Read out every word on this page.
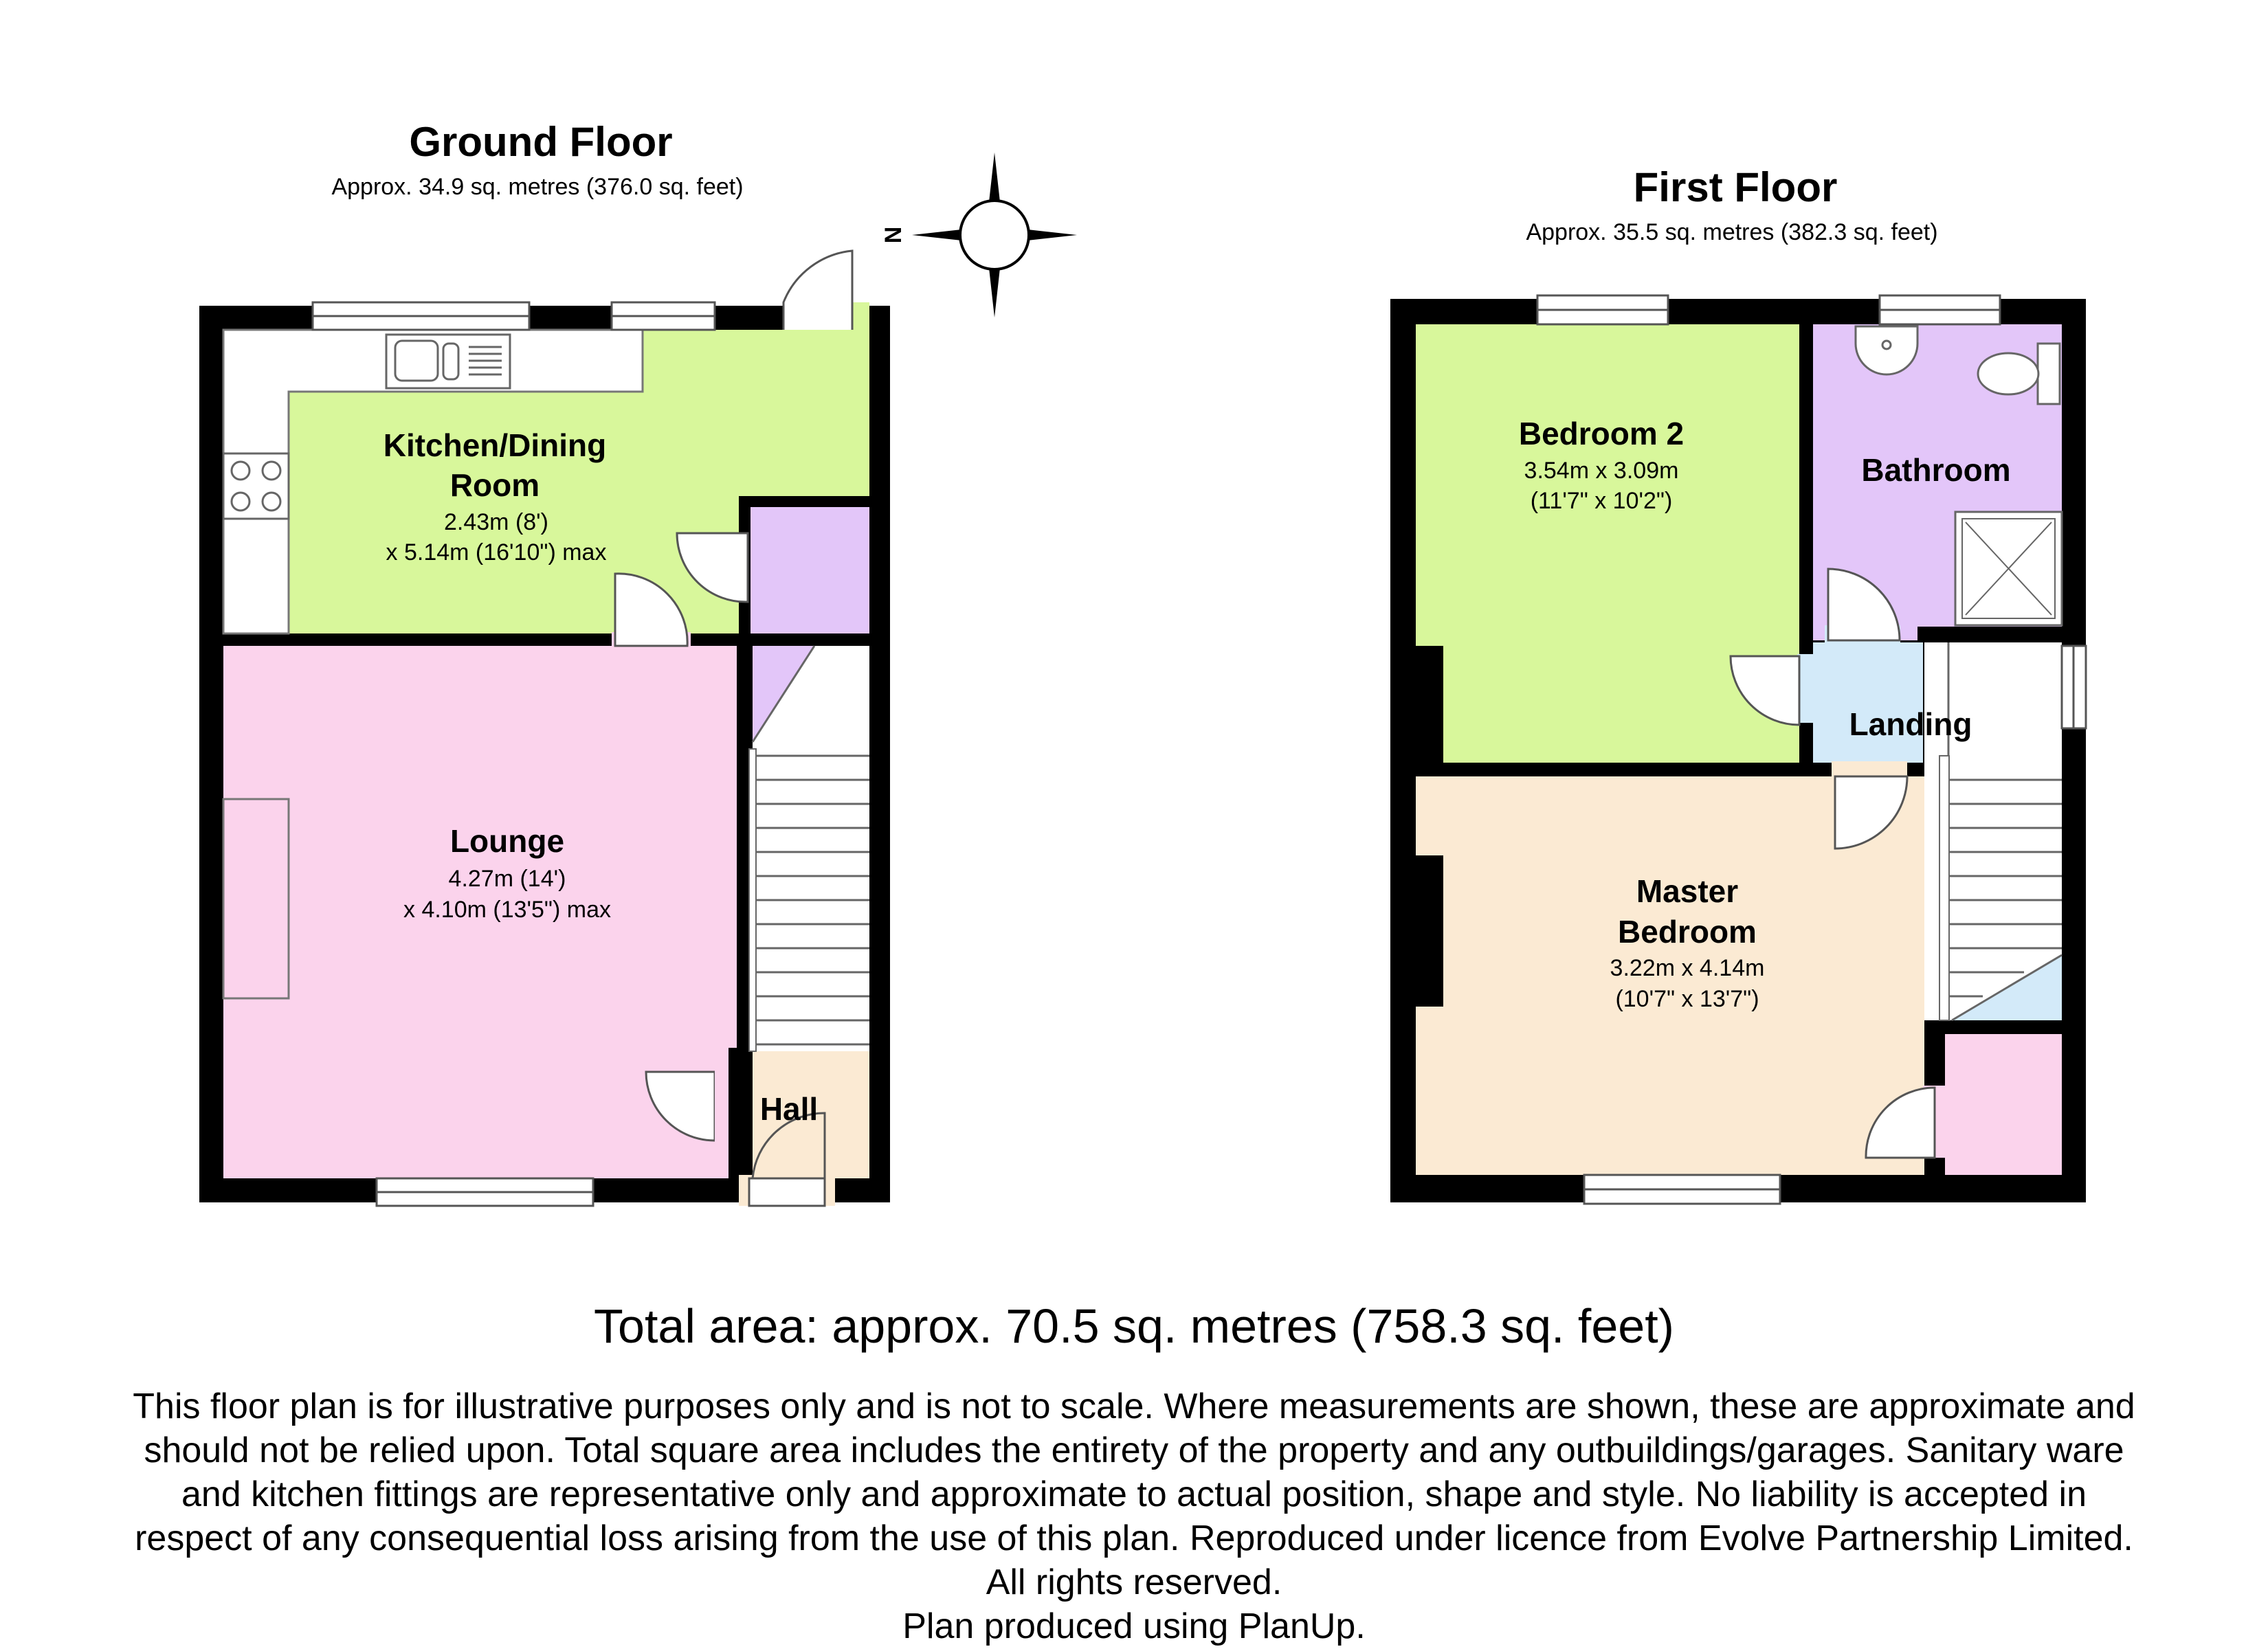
Ground Floor
Approx. 34.9 sq. metres (376.0 sq. feet)
Kitchen/Dining
Room
2.43m (8')
x 5.14m (16'10") max
Lounge
4.27m (14')
x 4.10m (13'5") max
Hall
N
First Floor
Approx. 35.5 sq. metres (382.3 sq. feet)
Bedroom 2
3.54m x 3.09m
(11'7" x 10'2")
Bathroom
Landing
Master
Bedroom
3.22m x 4.14m
(10'7" x 13'7")
Total area: approx. 70.5 sq. metres (758.3 sq. feet)
This floor plan is for illustrative purposes only and is not to scale. Where measurements are shown, these are approximate and
should not be relied upon. Total square area includes the entirety of the property and any outbuildings/garages. Sanitary ware
and kitchen fittings are representative only and approximate to actual position, shape and style. No liability is accepted in
respect of any consequential loss arising from the use of this plan. Reproduced under licence from Evolve Partnership Limited.
All rights reserved.
Plan produced using PlanUp.
